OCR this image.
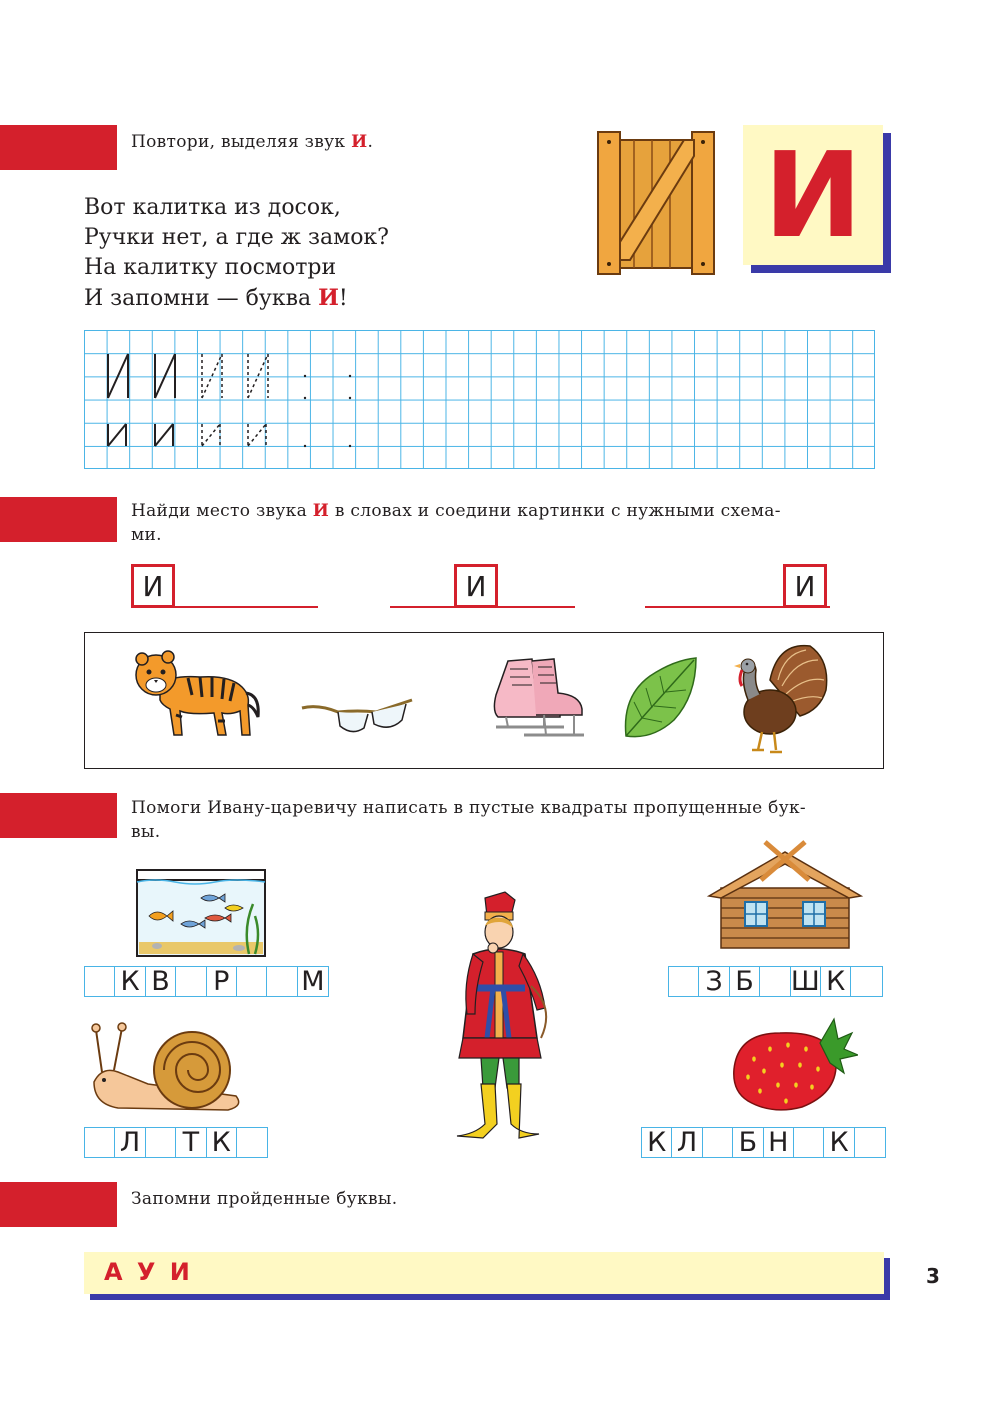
Повтори, выделяя звук И.
Вот калитка из досок,
Ручки нет, а где ж замок?
На калитку посмотри
И запомни — буква И!
И
Найди место звука И в словах и соедини картинки с нужными схема-
ми.
И	И	И
Помоги Ивану-царевичу написать в пустые квадраты пропущенные бук-
вы.
К В Р	М	З Б Ш К
Л Т К	К Л Б Н К
Запомни пройденные буквы.
А У И	3
